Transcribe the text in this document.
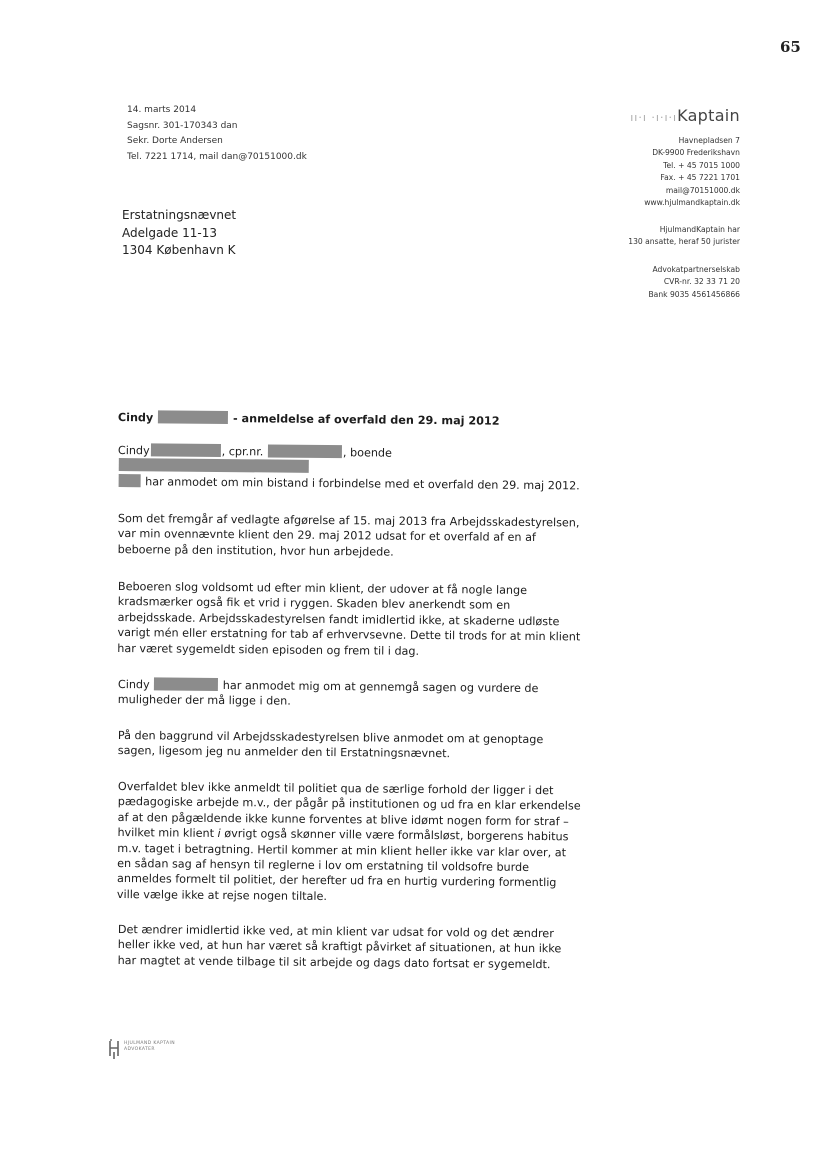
65
14. marts 2014
Sagsnr. 301-170343 dan
Sekr. Dorte Andersen
Tel. 7221 1714, mail dan@70151000.dk
Erstatningsnævnet
Adelgade 11-13
1304 København K
ıı·ı ·ı·ı·ıKaptain
Havnepladsen 7
DK-9900 Frederikshavn
Tel. + 45 7015 1000
Fax. + 45 7221 1701
mail@70151000.dk
www.hjulmandkaptain.dk
HjulmandKaptain har
130 ansatte, heraf 50 jurister
Advokatpartnerselskab
CVR-nr. 32 33 71 20
Bank 9035 4561456866
Cindy	- anmeldelse af overfald den 29. maj 2012
Cindy	, cpr.nr.	, boende
har anmodet om min bistand i forbindelse med et overfald den 29. maj 2012.
Som det fremgår af vedlagte afgørelse af 15. maj 2013 fra Arbejdsskadestyrelsen, var min ovennævnte klient den 29. maj 2012 udsat for et overfald af en af beboerne på den institution, hvor hun arbejdede.
Beboeren slog voldsomt ud efter min klient, der udover at få nogle lange kradsmærker også fik et vrid i ryggen. Skaden blev anerkendt som en arbejdsskade. Arbejdsskadestyrelsen fandt imidlertid ikke, at skaderne udløste varigt mén eller erstatning for tab af erhvervsevne. Dette til trods for at min klient har været sygemeldt siden episoden og frem til i dag.
Cindy	har anmodet mig om at gennemgå sagen og vurdere de muligheder der må ligge i den.
På den baggrund vil Arbejdsskadestyrelsen blive anmodet om at genoptage sagen, ligesom jeg nu anmelder den til Erstatningsnævnet.
Overfaldet blev ikke anmeldt til politiet qua de særlige forhold der ligger i det pædagogiske arbejde m.v., der pågår på institutionen og ud fra en klar erkendelse af at den pågældende ikke kunne forventes at blive idømt nogen form for straf – hvilket min klient i øvrigt også skønner ville være formålsløst, borgerens habitus m.v. taget i betragtning. Hertil kommer at min klient heller ikke var klar over, at en sådan sag af hensyn til reglerne i lov om erstatning til voldsofre burde anmeldes formelt til politiet, der herefter ud fra en hurtig vurdering formentlig ville vælge ikke at rejse nogen tiltale.
Det ændrer imidlertid ikke ved, at min klient var udsat for vold og det ændrer heller ikke ved, at hun har været så kraftigt påvirket af situationen, at hun ikke har magtet at vende tilbage til sit arbejde og dags dato fortsat er sygemeldt.
HJULMAND KAPTAIN
ADVOKATER
